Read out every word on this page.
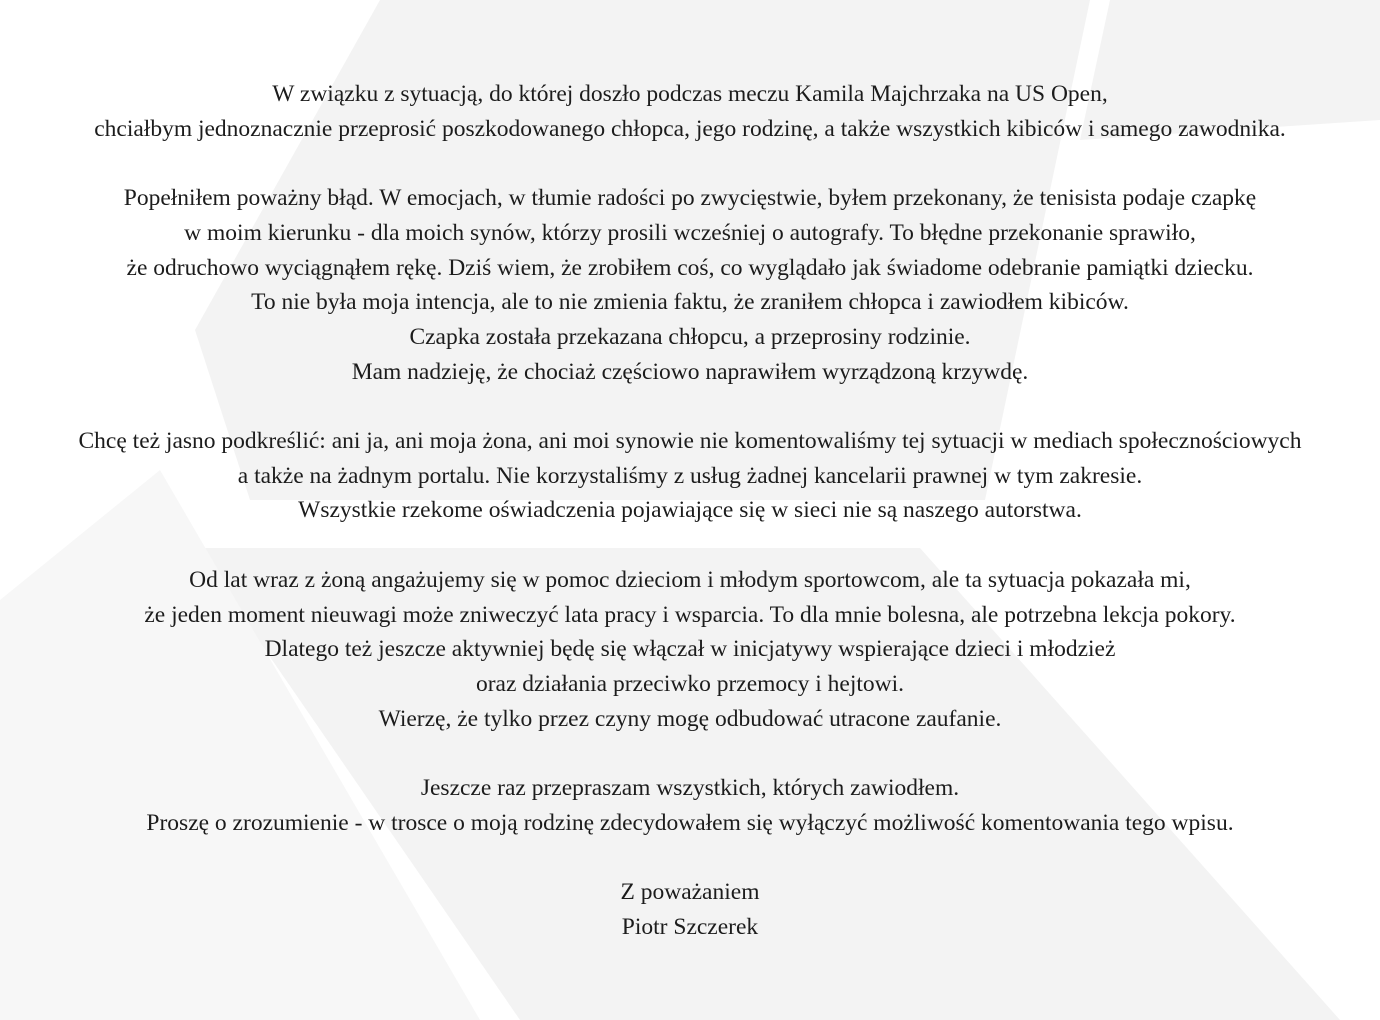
W związku z sytuacją, do której doszło podczas meczu Kamila Majchrzaka na US Open,
chciałbym jednoznacznie przeprosić poszkodowanego chłopca, jego rodzinę, a także wszystkich kibiców i samego zawodnika.

Popełniłem poważny błąd. W emocjach, w tłumie radości po zwycięstwie, byłem przekonany, że tenisista podaje czapkę
w moim kierunku - dla moich synów, którzy prosili wcześniej o autografy. To błędne przekonanie sprawiło,
że odruchowo wyciągnąłem rękę. Dziś wiem, że zrobiłem coś, co wyglądało jak świadome odebranie pamiątki dziecku.
To nie była moja intencja, ale to nie zmienia faktu, że zraniłem chłopca i zawiodłem kibiców.
Czapka została przekazana chłopcu, a przeprosiny rodzinie.
Mam nadzieję, że chociaż częściowo naprawiłem wyrządzoną krzywdę.

Chcę też jasno podkreślić: ani ja, ani moja żona, ani moi synowie nie komentowaliśmy tej sytuacji w mediach społecznościowych
a także na żadnym portalu. Nie korzystaliśmy z usług żadnej kancelarii prawnej w tym zakresie.
Wszystkie rzekome oświadczenia pojawiające się w sieci nie są naszego autorstwa.

Od lat wraz z żoną angażujemy się w pomoc dzieciom i młodym sportowcom, ale ta sytuacja pokazała mi,
że jeden moment nieuwagi może zniweczyć lata pracy i wsparcia. To dla mnie bolesna, ale potrzebna lekcja pokory.
Dlatego też jeszcze aktywniej będę się włączał w inicjatywy wspierające dzieci i młodzież
oraz działania przeciwko przemocy i hejtowi.
Wierzę, że tylko przez czyny mogę odbudować utracone zaufanie.

Jeszcze raz przepraszam wszystkich, których zawiodłem.
Proszę o zrozumienie - w trosce o moją rodzinę zdecydowałem się wyłączyć możliwość komentowania tego wpisu.

Z poważaniem
Piotr Szczerek
